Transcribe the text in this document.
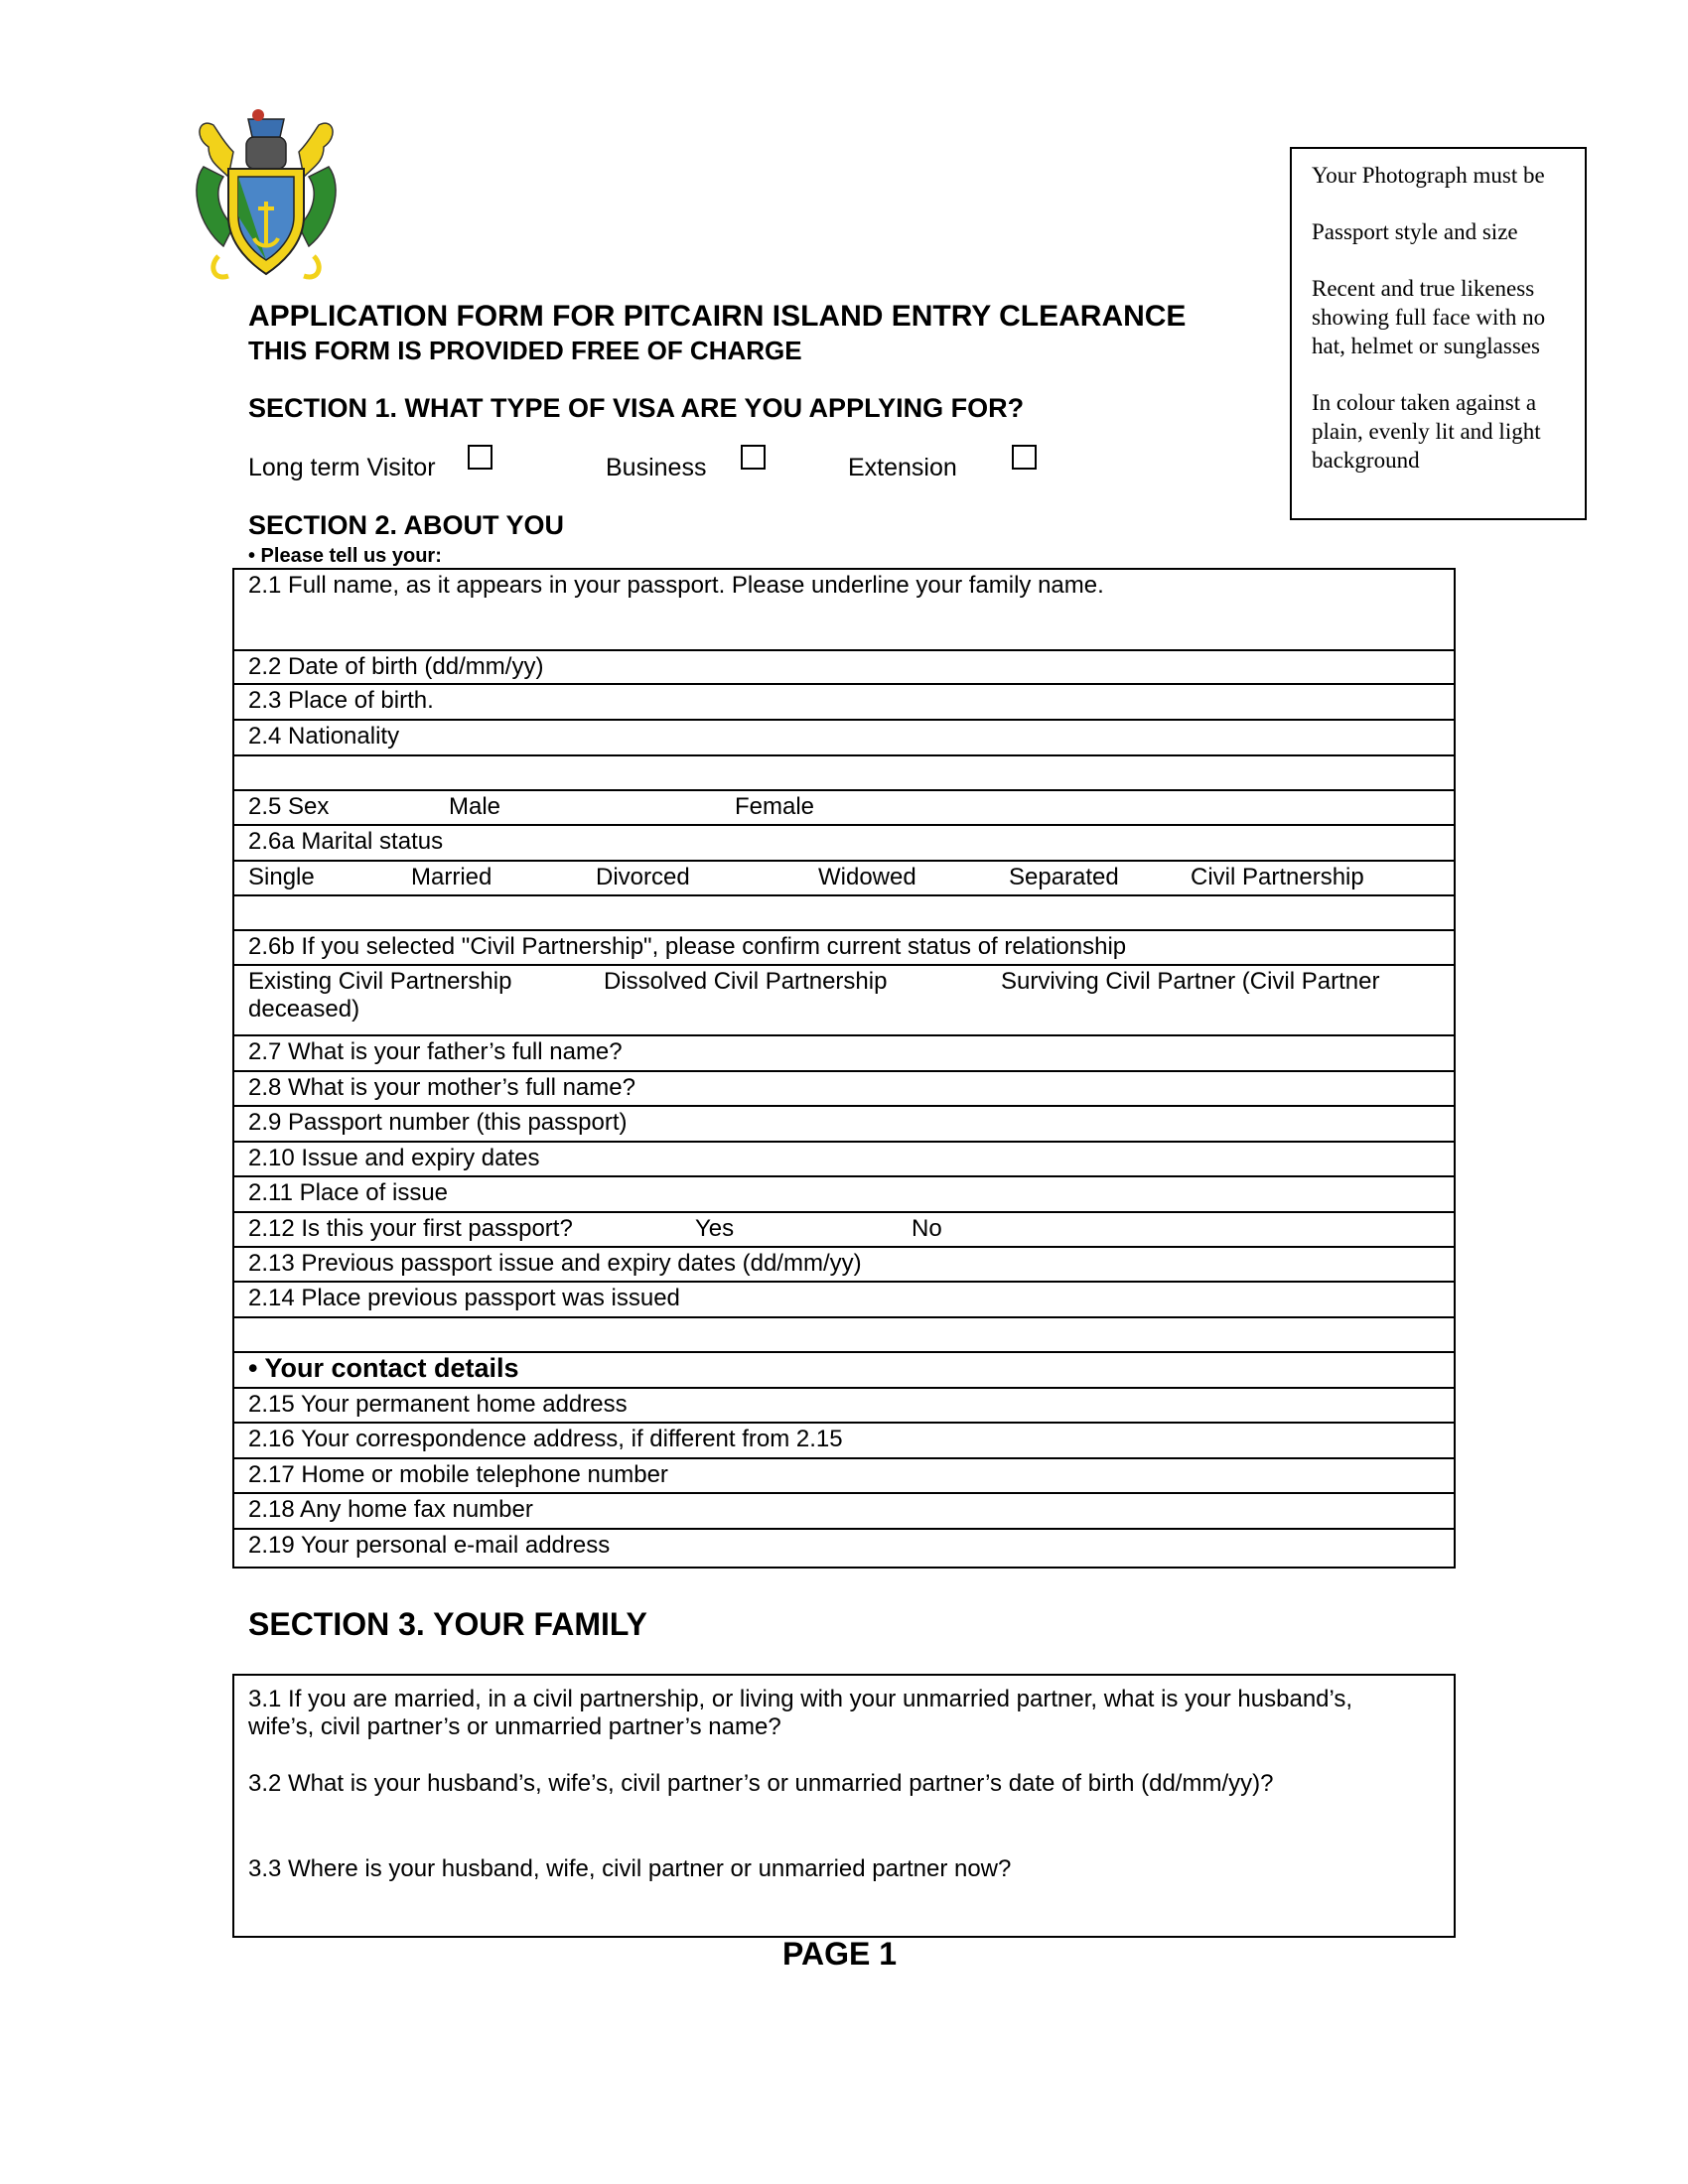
Your Photograph must be

Passport style and size

Recent and true likeness showing full face with no hat, helmet or sunglasses

In colour taken against a plain, evenly lit and light background

APPLICATION FORM FOR PITCAIRN ISLAND ENTRY CLEARANCE
THIS FORM IS PROVIDED FREE OF CHARGE
SECTION 1. WHAT TYPE OF VISA ARE YOU APPLYING FOR?
Long term Visitor	Business	Extension
SECTION 2. ABOUT YOU
• Please tell us your:
2.1 Full name, as it appears in your passport. Please underline your family name.
2.2 Date of birth (dd/mm/yy)
2.3 Place of birth.
2.4 Nationality
2.5 Sex	Male	Female
2.6a Marital status
Single	Married	Divorced	Widowed	Separated	Civil Partnership
2.6b If you selected "Civil Partnership", please confirm current status of relationship
Existing Civil Partnership	Dissolved Civil Partnership	Surviving Civil Partner (Civil Partner
deceased)
2.7 What is your father’s full name?
2.8 What is your mother’s full name?
2.9 Passport number (this passport)
2.10 Issue and expiry dates
2.11 Place of issue
2.12 Is this your first passport?	Yes	No
2.13 Previous passport issue and expiry dates (dd/mm/yy)
2.14 Place previous passport was issued
• Your contact details
2.15 Your permanent home address
2.16 Your correspondence address, if different from 2.15
2.17 Home or mobile telephone number
2.18 Any home fax number
2.19 Your personal e-mail address
SECTION 3. YOUR FAMILY
3.1 If you are married, in a civil partnership, or living with your unmarried partner, what is your husband’s,
wife’s, civil partner’s or unmarried partner’s name?
3.2 What is your husband’s, wife’s, civil partner’s or unmarried partner’s date of birth (dd/mm/yy)?
3.3 Where is your husband, wife, civil partner or unmarried partner now?
PAGE 1
